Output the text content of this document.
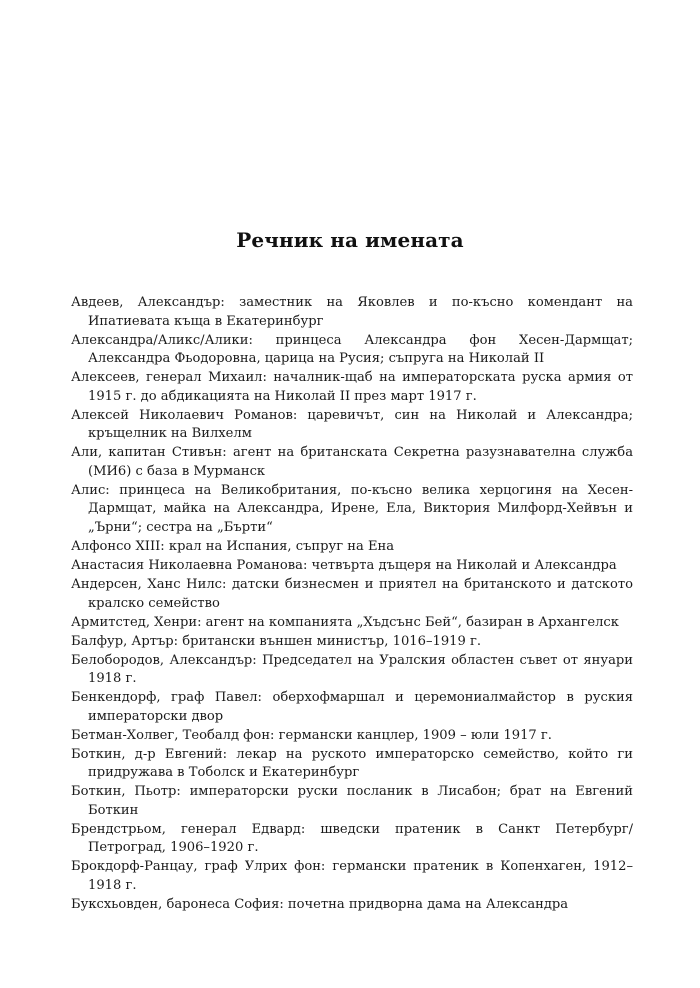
Речник на имената

Авдеев, Александър: заместник на Яковлев и по-късно комендант на Ипатиевата къща в Екатеринбург

Александра/Аликс/Алики: принцеса Александра фон Хесен-Дармщат; Александра Фьодоровна, царица на Русия; съпруга на Николай II

Алексеев, генерал Михаил: началник-щаб на императорската руска армия от 1915 г. до абдикацията на Николай II през март 1917 г.

Алексей Николаевич Романов: царевичът, син на Николай и Александра; кръщелник на Вилхелм

Али, капитан Стивън: агент на британската Секретна разузнавателна служба (МИ6) с база в Мурманск

Алис: принцеса на Великобритания, по-късно велика херцогиня на Хесен-Дармщат, майка на Александра, Ирене, Ела, Виктория Милфорд-Хейвън и „Ърни“; сестра на „Бърти“

Алфонсо XIII: крал на Испания, съпруг на Ена

Анастасия Николаевна Романова: четвърта дъщеря на Николай и Александра

Андерсен, Ханс Нилс: датски бизнесмен и приятел на британското и датското кралско семейство

Армитстед, Хенри: агент на компанията „Хъдсънс Бей“, базиран в Архангелск

Балфур, Артър: британски външен министър, 1016–1919 г.

Белобородов, Александър: Председател на Уралския областен съвет от януари 1918 г.

Бенкендорф, граф Павел: оберхофмаршал и церемониалмайстор в руския императорски двор

Бетман-Холвег, Теобалд фон: германски канцлер, 1909 – юли 1917 г.

Боткин, д-р Евгений: лекар на руското императорско семейство, който ги придружава в Тоболск и Екатеринбург

Боткин, Пьотр: императорски руски посланик в Лисабон; брат на Евгений Боткин

Брендстрьом, генерал Едвард: шведски пратеник в Санкт Петербург/Петроград, 1906–1920 г.

Брокдорф-Ранцау, граф Улрих фон: германски пратеник в Копенхаген, 1912–1918 г.

Буксхьовден, баронеса София: почетна придворна дама на Александра
